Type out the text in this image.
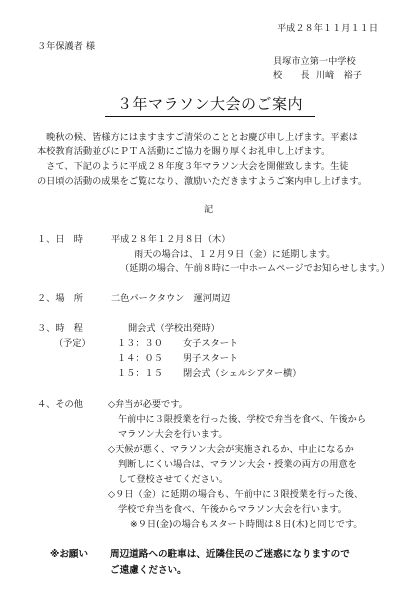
平成２８年１１月１１日
３年保護者 様
貝塚市立第一中学校
校　　長 川﨑　裕子
３年マラソン大会のご案内
　晩秋の候、皆様方にはますますご清栄のこととお慶び申し上げます。平素は
本校教育活動並びにＰＴＡ活動にご協力を賜り厚くお礼申し上げます。
　さて、下記のように平成２８年度３年マラソン大会を開催致します。生徒
の日頃の活動の成果をご覧になり、激励いただきますようご案内申し上げます。
記
１、日　時	平成２８年１２月８日（木）
雨天の場合は、１２月９日（金）に延期します。
（延期の場合、午前８時に一中ホームページでお知らせします。）
２、場　所	二色パークタウン　運河周辺
３、時　程	開会式（学校出発時）
（予定）	１３：３０ 女子スタート
１４：０５ 男子スタート
１５：１５ 閉会式（シェルシアター横）
４、その他	◇弁当が必要です。
午前中に３限授業を行った後、学校で弁当を食べ、午後から
マラソン大会を行います。
◇天候が悪く、マラソン大会が実施されるか、中止になるか
判断しにくい場合は、マラソン大会・授業の両方の用意を
して登校させてください。
◇９日（金）に延期の場合も、午前中に３限授業を行った後、
学校で弁当を食べ、午後からマラソン大会を行います。
※９日(金)の場合もスタート時間は８日(木)と同じです。
※お願い 周辺道路への駐車は、近隣住民のご迷惑になりますので
ご遠慮ください。
